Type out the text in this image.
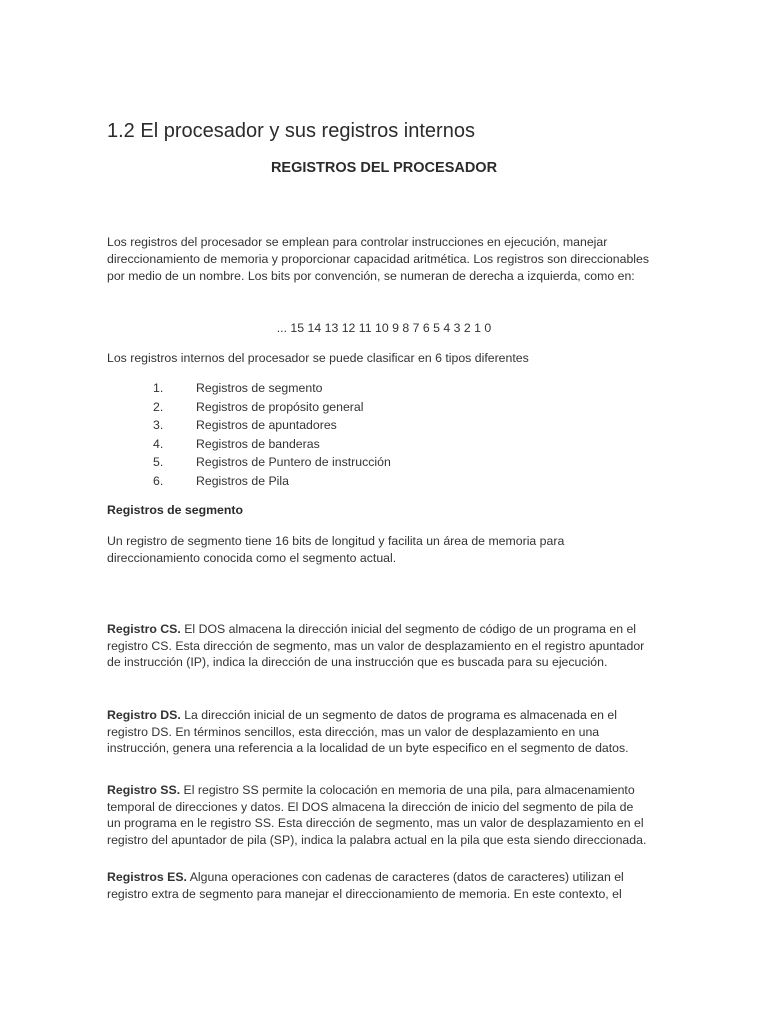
1.2 El procesador y sus registros internos
REGISTROS DEL PROCESADOR

Los registros del procesador se emplean para controlar instrucciones en ejecución, manejar
direccionamiento de memoria y proporcionar capacidad aritmética. Los registros son direccionables
por medio de un nombre. Los bits por convención, se numeran de derecha a izquierda, como en:

... 15 14 13 12 11 10 9 8 7 6 5 4 3 2 1 0

Los registros internos del procesador se puede clasificar en 6 tipos diferentes

1.	Registros de segmento
2.	Registros de propósito general
3.	Registros de apuntadores
4.	Registros de banderas
5.	Registros de Puntero de instrucción
6.	Registros de Pila

Registros de segmento

Un registro de segmento tiene 16 bits de longitud y facilita un área de memoria para
direccionamiento conocida como el segmento actual.

Registro CS. El DOS almacena la dirección inicial del segmento de código de un programa en el
registro CS. Esta dirección de segmento, mas un valor de desplazamiento en el registro apuntador
de instrucción (IP), indica la dirección de una instrucción que es buscada para su ejecución.

Registro DS. La dirección inicial de un segmento de datos de programa es almacenada en el
registro DS. En términos sencillos, esta dirección, mas un valor de desplazamiento en una
instrucción, genera una referencia a la localidad de un byte especifico en el segmento de datos.

Registro SS. El registro SS permite la colocación en memoria de una pila, para almacenamiento
temporal de direcciones y datos. El DOS almacena la dirección de inicio del segmento de pila de
un programa en le registro SS. Esta dirección de segmento, mas un valor de desplazamiento en el
registro del apuntador de pila (SP), indica la palabra actual en la pila que esta siendo direccionada.

Registros ES. Alguna operaciones con cadenas de caracteres (datos de caracteres) utilizan el
registro extra de segmento para manejar el direccionamiento de memoria. En este contexto, el
